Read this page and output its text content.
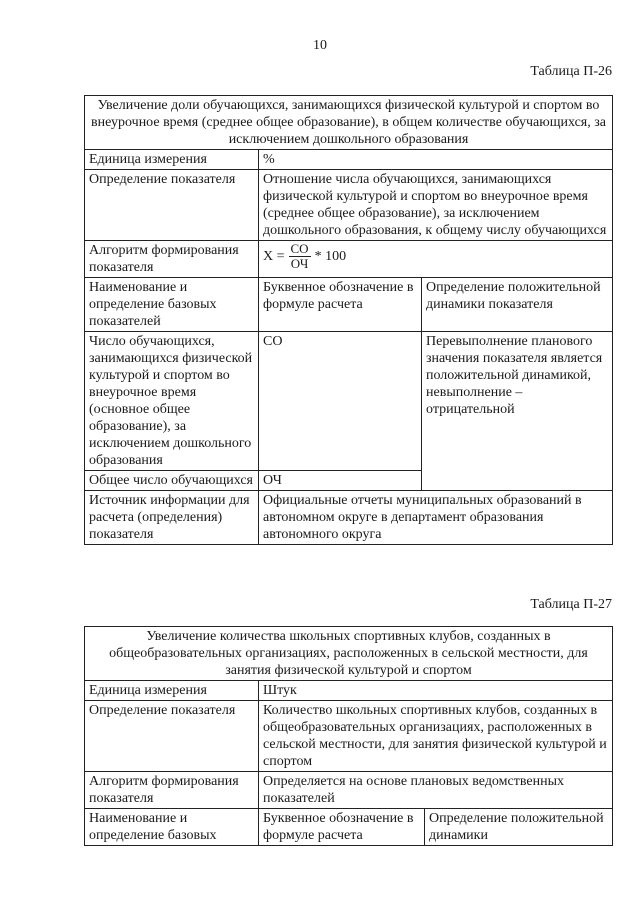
10
Таблица П-26
Увеличение доли обучающихся, занимающихся физической культурой и спортом во внеурочное время (среднее общее образование), в общем количестве обучающихся, за исключением дошкольного образования		
Единица измерения	%	
Определение показателя	Отношение числа обучающихся, занимающихся физической культурой и спортом во внеурочное время (среднее общее образование), за исключением дошкольного образования, к общему числу обучающихся	
Алгоритм формирования показателя	$X = \frac{СО}{ОЧ} * 100$	

Наименование и определение базовых показателей	Буквенное обозначение в формуле расчета	Определение положительной динамики показателя
Число обучающихся, занимающихся физической культурой и спортом во внеурочное время (основное общее образование), за исключением дошкольного образования	СО	Перевыполнение планового значения показателя является положительной динамикой, невыполнение – отрицательной
Общее число обучающихся	ОЧ	
Источник информации для расчета (определения) показателя	Официальные отчеты муниципальных образований в автономном округе в департамент образования автономного округа	
Таблица П-27
Увеличение количества школьных спортивных клубов, созданных в общеобразовательных организациях, расположенных в сельской местности, для занятия физической культурой и спортом		
Единица измерения	Штук	
Определение показателя	Количество школьных спортивных клубов, созданных в общеобразовательных организациях, расположенных в сельской местности, для занятия физической культурой и спортом	
Алгоритм формирования показателя	Определяется на основе плановых ведомственных показателей	
Наименование и определение базовых	Буквенное обозначение в формуле расчета	Определение положительной динамики
